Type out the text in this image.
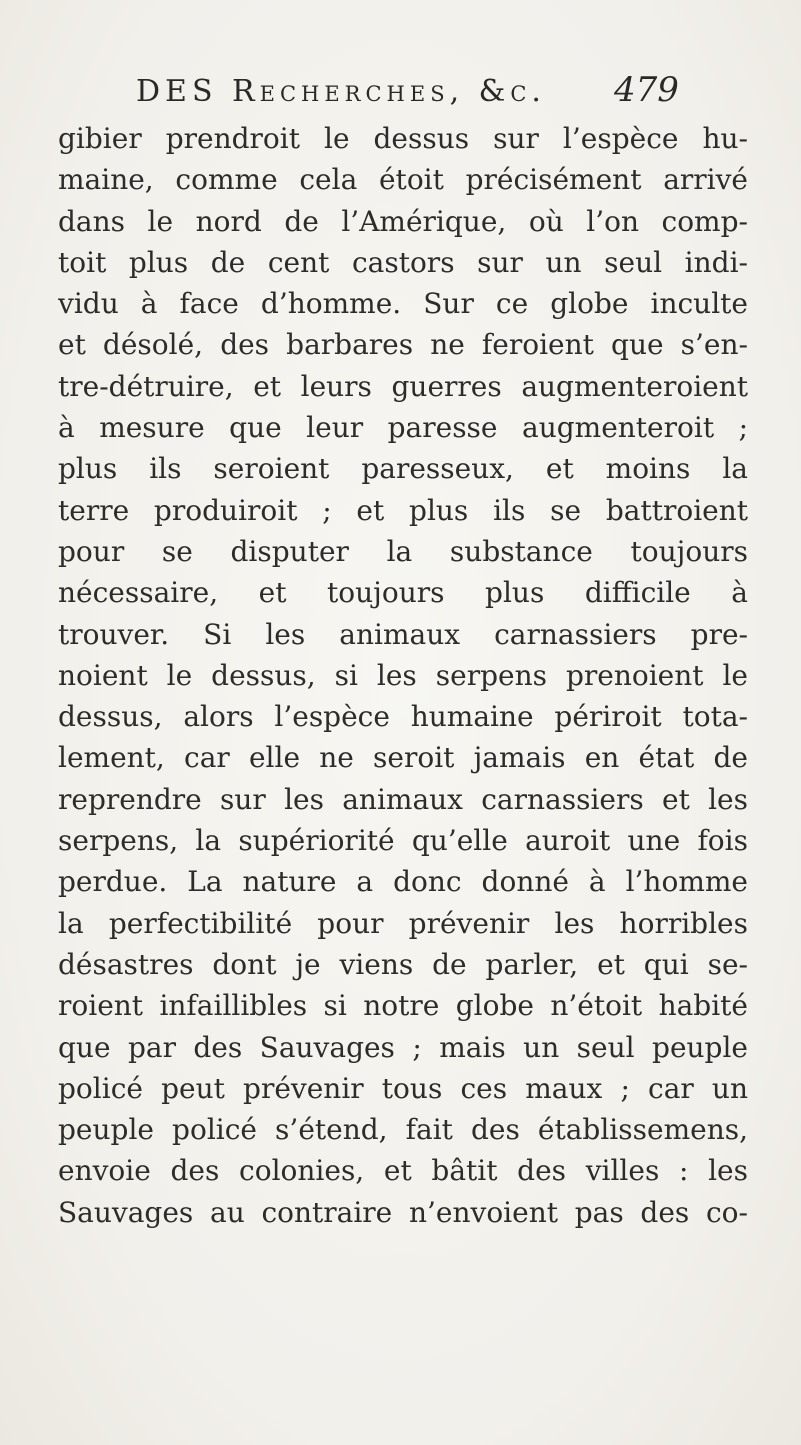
DES Recherches, &c. 479
gibier prendroit le dessus sur l’espèce hu-
maine, comme cela étoit précisément arrivé
dans le nord de l’Amérique, où l’on comp-
toit plus de cent castors sur un seul indi-
vidu à face d’homme. Sur ce globe inculte
et désolé, des barbares ne feroient que s’en-
tre-détruire, et leurs guerres augmenteroient
à mesure que leur paresse augmenteroit ;
plus ils seroient paresseux, et moins la
terre produiroit ; et plus ils se battroient
pour se disputer la substance toujours
nécessaire, et toujours plus difficile à
trouver. Si les animaux carnassiers pre-
noient le dessus, si les serpens prenoient le
dessus, alors l’espèce humaine périroit tota-
lement, car elle ne seroit jamais en état de
reprendre sur les animaux carnassiers et les
serpens, la supériorité qu’elle auroit une fois
perdue. La nature a donc donné à l’homme
la perfectibilité pour prévenir les horribles
désastres dont je viens de parler, et qui se-
roient infaillibles si notre globe n’étoit habité
que par des Sauvages ; mais un seul peuple
policé peut prévenir tous ces maux ; car un
peuple policé s’étend, fait des établissemens,
envoie des colonies, et bâtit des villes : les
Sauvages au contraire n’envoient pas des co-
